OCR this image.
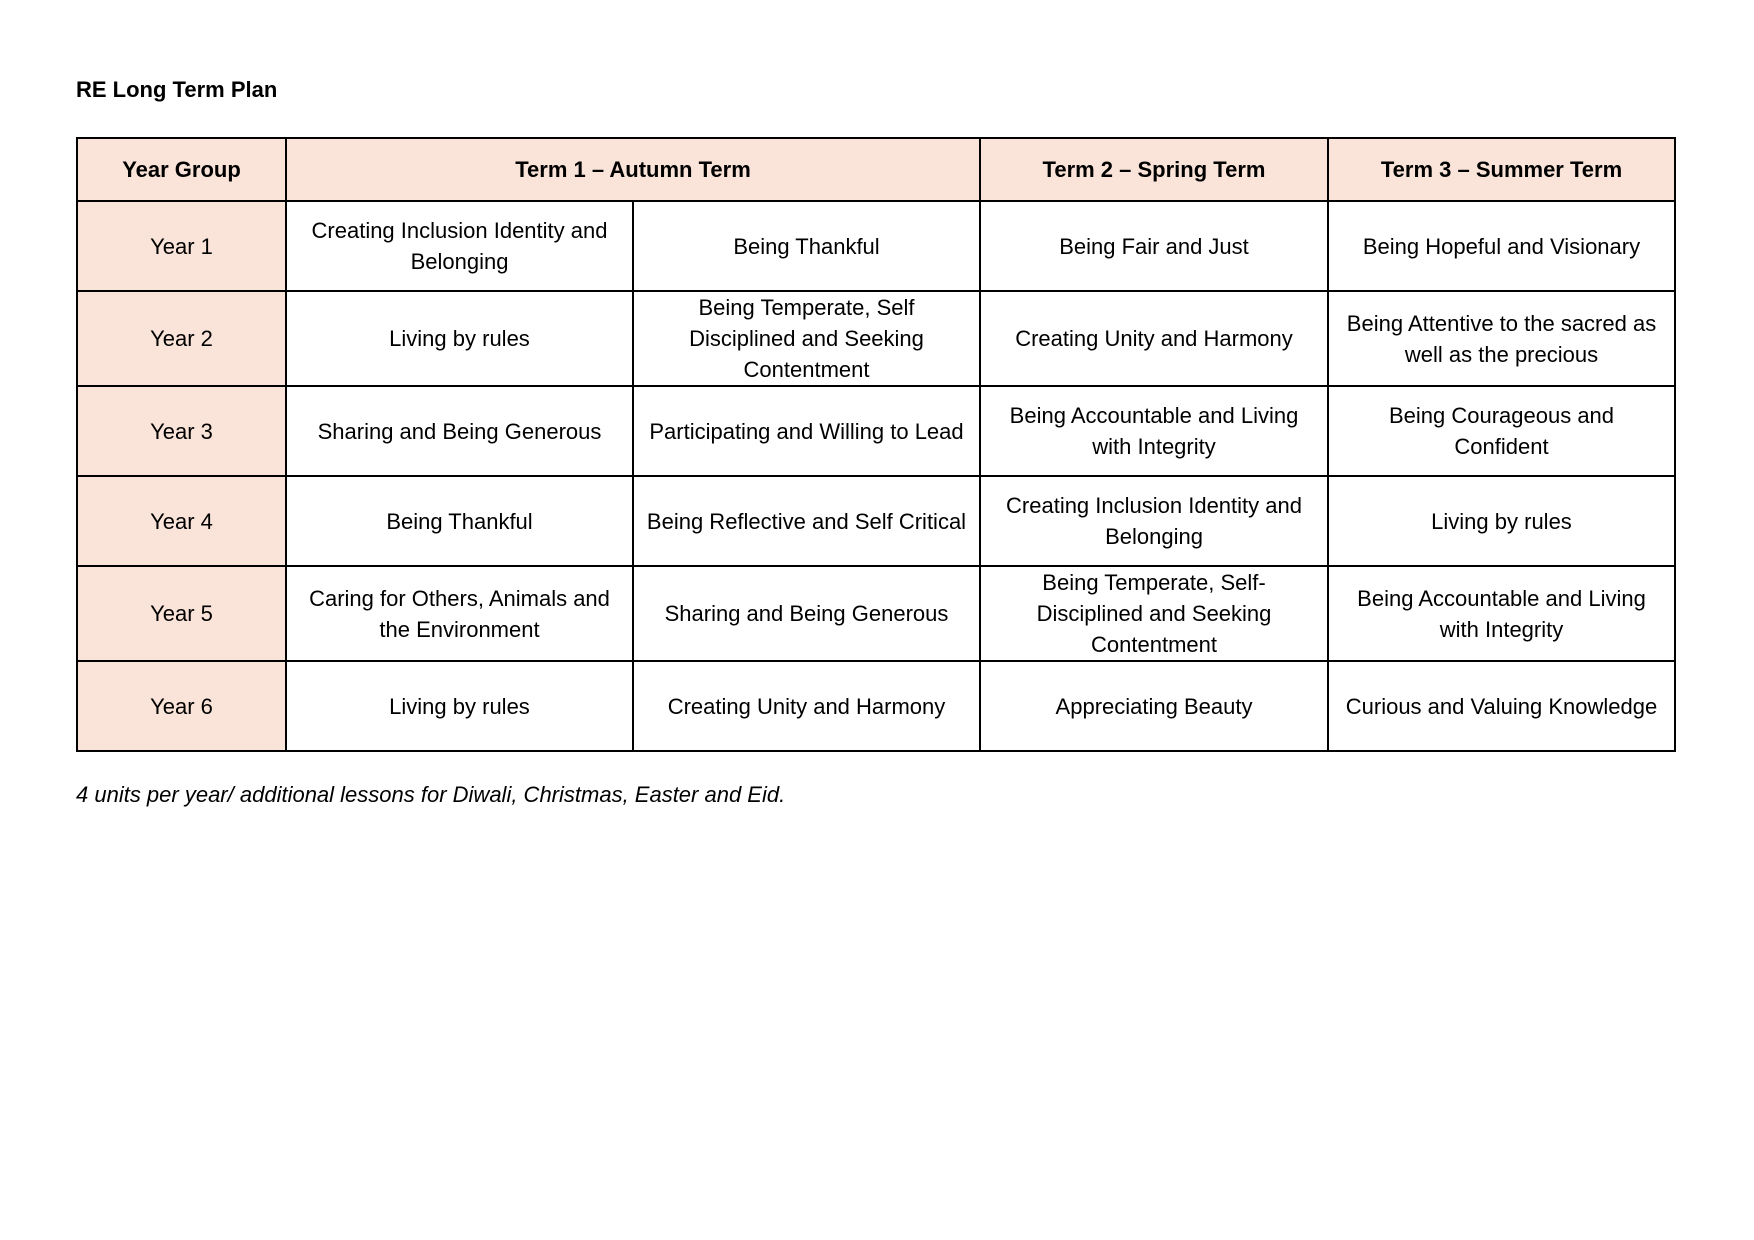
RE Long Term Plan
Year Group	Term 1 – Autumn Term		Term 2 – Spring Term	Term 3 – Summer Term
Year 1	Creating Inclusion Identity and Belonging	Being Thankful	Being Fair and Just	Being Hopeful and Visionary
Year 2	Living by rules	Being Temperate, Self Disciplined and Seeking Contentment	Creating Unity and Harmony	Being Attentive to the sacred as well as the precious
Year 3	Sharing and Being Generous	Participating and Willing to Lead	Being Accountable and Living with Integrity	Being Courageous and Confident
Year 4	Being Thankful	Being Reflective and Self Critical	Creating Inclusion Identity and Belonging	Living by rules
Year 5	Caring for Others, Animals and the Environment	Sharing and Being Generous	Being Temperate, Self-Disciplined and Seeking Contentment	Being Accountable and Living with Integrity
Year 6	Living by rules	Creating Unity and Harmony	Appreciating Beauty	Curious and Valuing Knowledge

4 units per year/ additional lessons for Diwali, Christmas, Easter and Eid.
